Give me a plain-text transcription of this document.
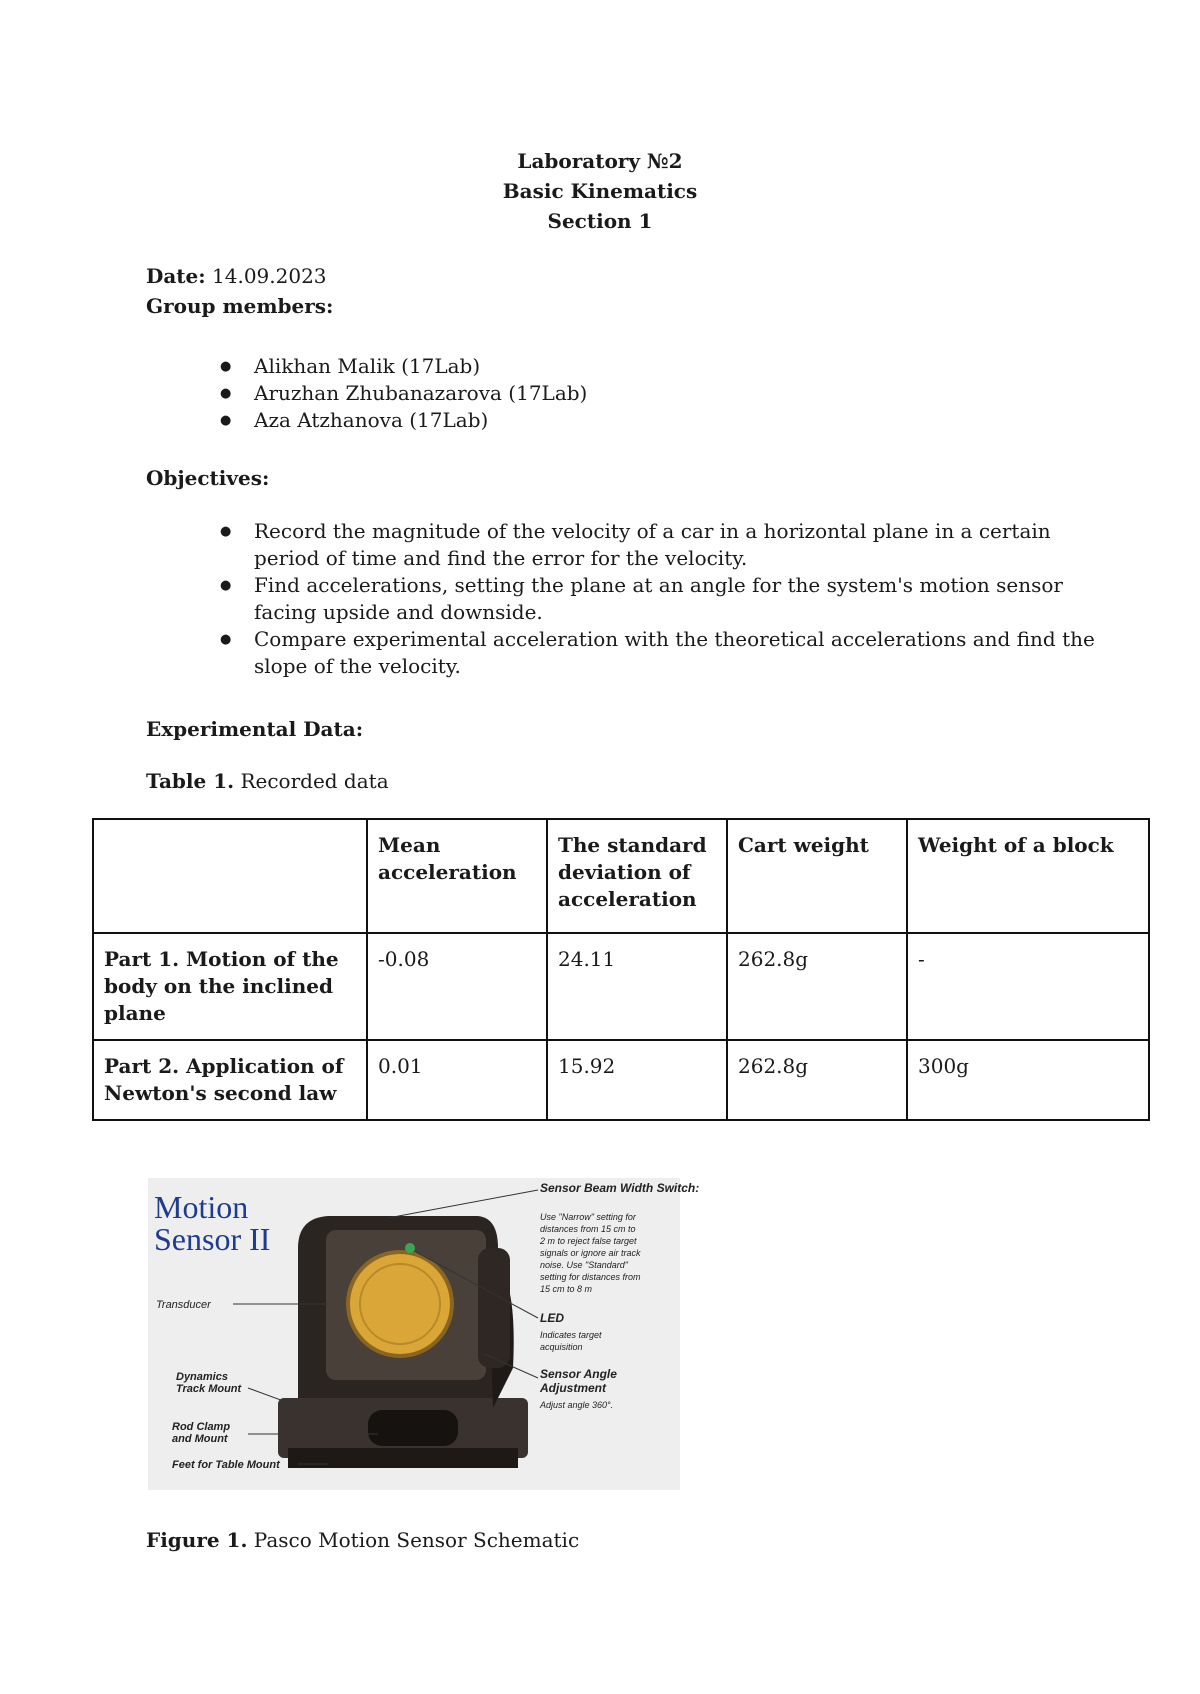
Laboratory №2
Basic Kinematics
Section 1
Date: 14.09.2023
Group members:
● Alikhan Malik (17Lab)
● Aruzhan Zhubanazarova (17Lab)
● Aza Atzhanova (17Lab)
Objectives:
● Record the magnitude of the velocity of a car in a horizontal plane in a certain
period of time and find the error for the velocity.
● Find accelerations, setting the plane at an angle for the system's motion sensor
facing upside and downside.
● Compare experimental acceleration with the theoretical accelerations and find the
slope of the velocity.
Experimental Data:
Table 1. Recorded data
	Mean
acceleration	The standard
deviation of
acceleration	Cart weight	Weight of a block
Part 1. Motion of the
body on the inclined
plane	-0.08	24.11	262.8g	-
Part 2. Application of
Newton's second law	0.01	15.92	262.8g	300g
Motion
Sensor II
Sensor Beam Width Switch:
Use "Narrow" setting for
distances from 15 cm to
2 m to reject false target
signals or ignore air track
noise. Use "Standard"
setting for distances from
15 cm to 8 m
LED
Indicates target
acquisition
Sensor Angle
Adjustment
Adjust angle 360°.
Transducer
Dynamics
Track Mount
Rod Clamp
and Mount
Feet for Table Mount
Figure 1. Pasco Motion Sensor Schematic
